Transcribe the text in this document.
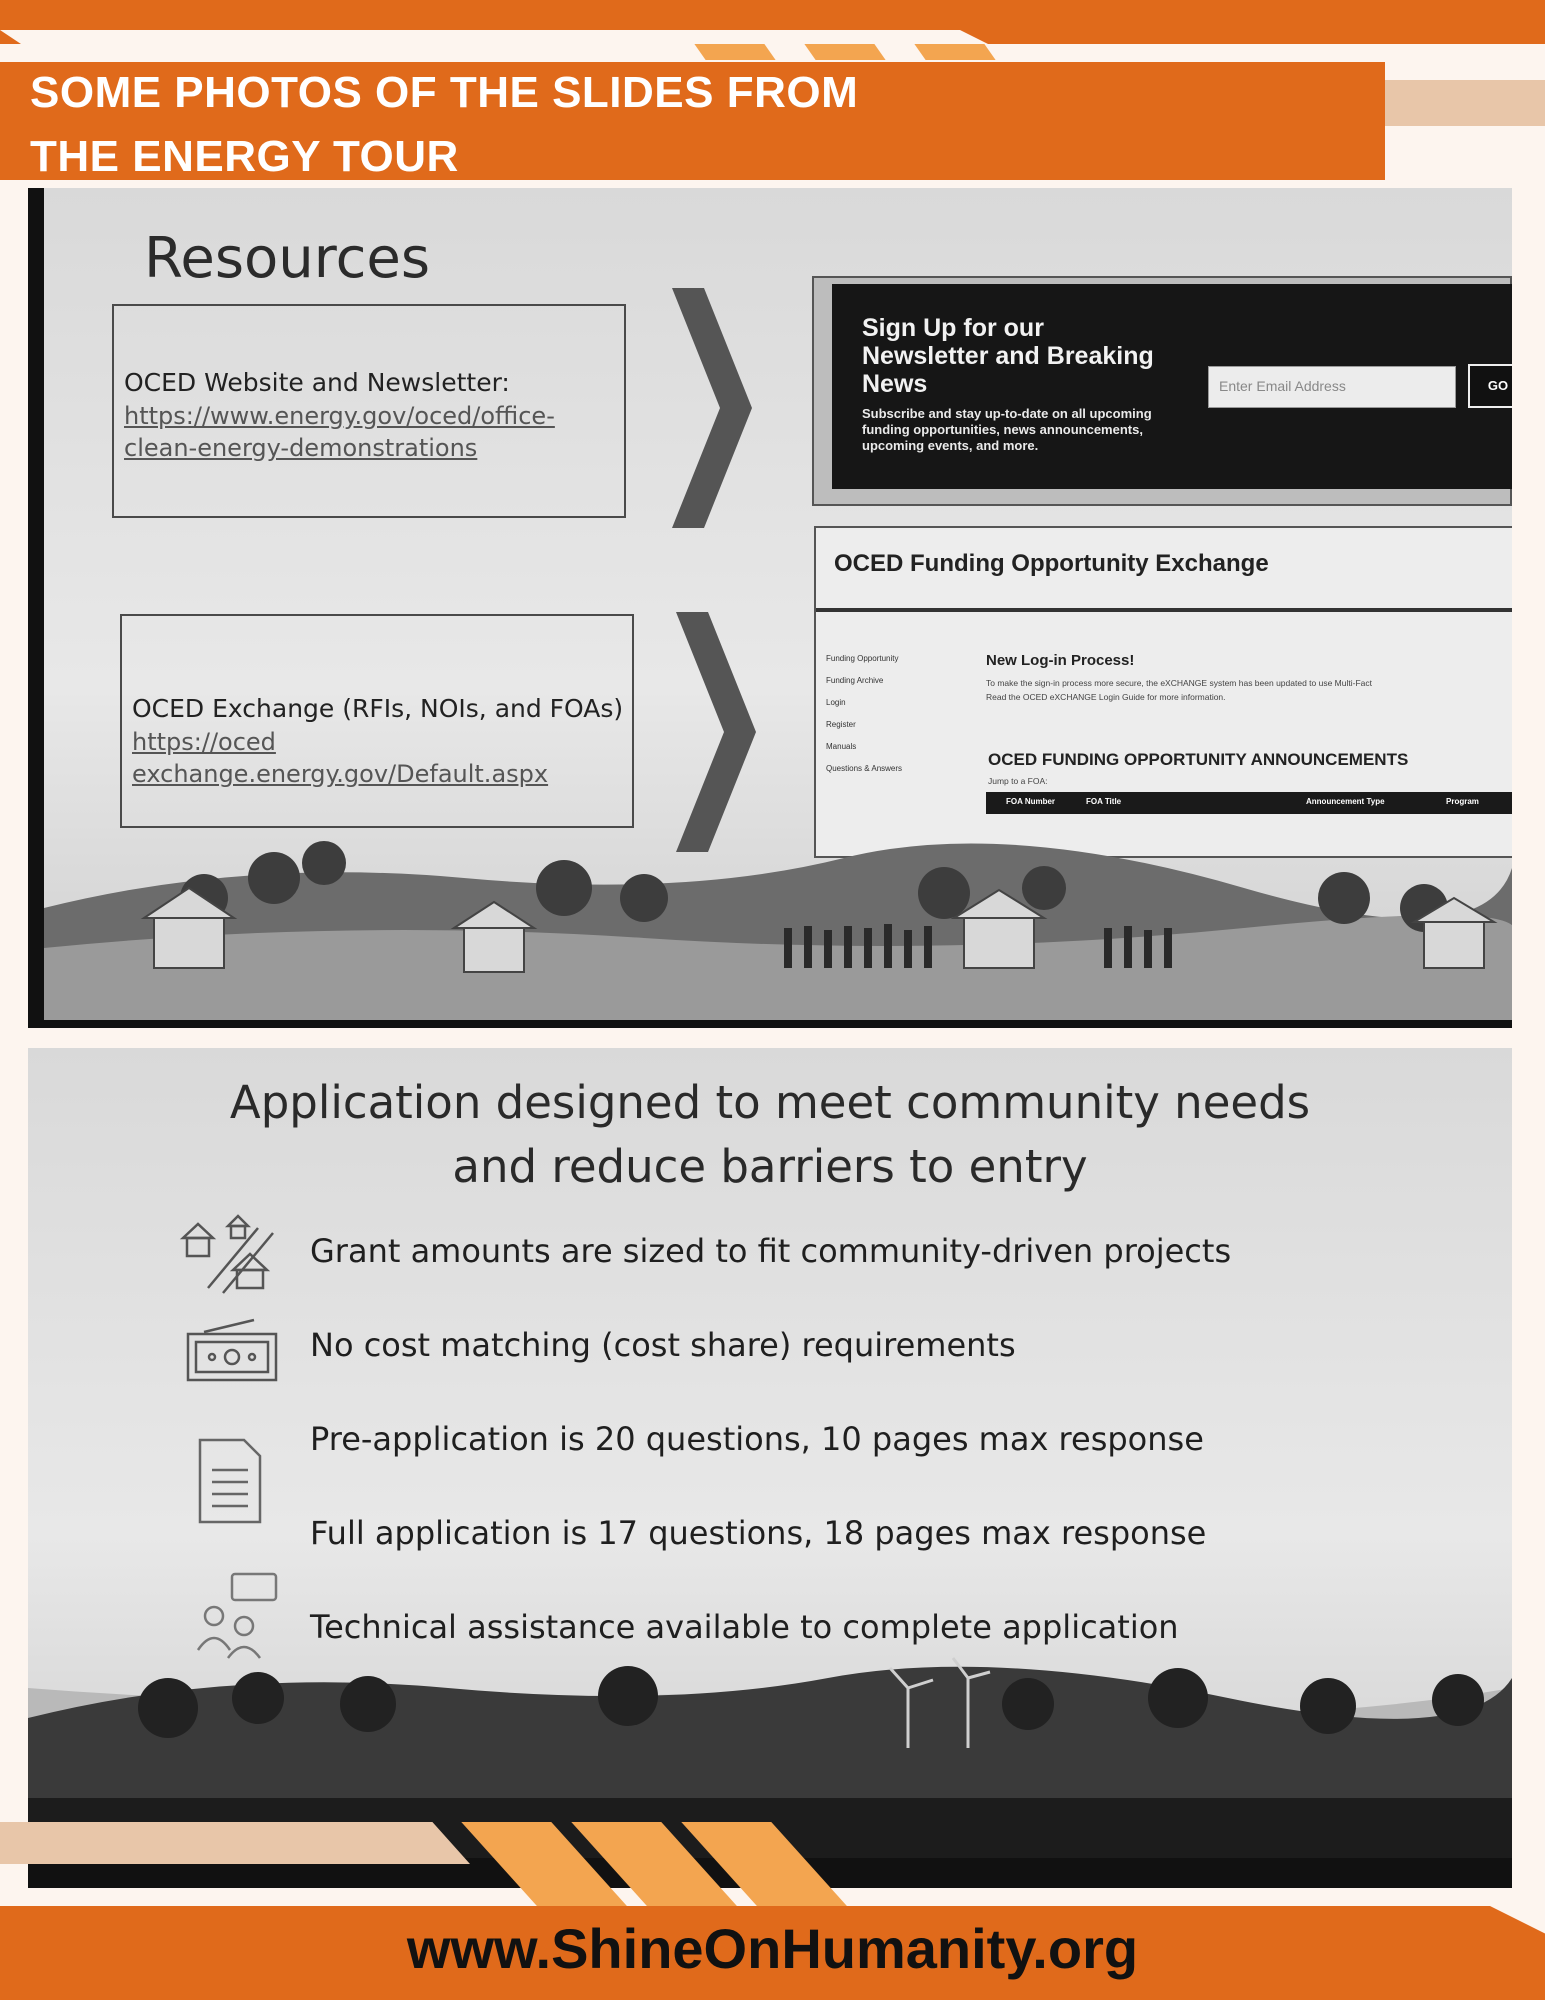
SOME PHOTOS OF THE SLIDES FROM
THE ENERGY TOUR
Resources
OCED Website and Newsletter:
https://www.energy.gov/oced/office-
clean-energy-demonstrations
OCED Exchange (RFIs, NOIs, and FOAs)
https://oced
exchange.energy.gov/Default.aspx
Sign Up for our
Newsletter and Breaking
News
Subscribe and stay up-to-date on all upcoming
funding opportunities, news announcements,
upcoming events, and more.
Enter Email Address	GO
OCED Funding Opportunity Exchange
Funding Opportunity
Funding Archive
Login
Register
Manuals
Questions & Answers
New Log-in Process!
To make the sign-in process more secure, the eXCHANGE system has been updated to use Multi-Fact
Read the OCED eXCHANGE Login Guide for more information.
OCED FUNDING OPPORTUNITY ANNOUNCEMENTS
Jump to a FOA:
FOA Number	FOA Title	Announcement Type	Program
Application designed to meet community needs
and reduce barriers to entry
Grant amounts are sized to fit community-driven projects
No cost matching (cost share) requirements
Pre-application is 20 questions, 10 pages max response
Full application is 17 questions, 18 pages max response
Technical assistance available to complete application
www.ShineOnHumanity.org
